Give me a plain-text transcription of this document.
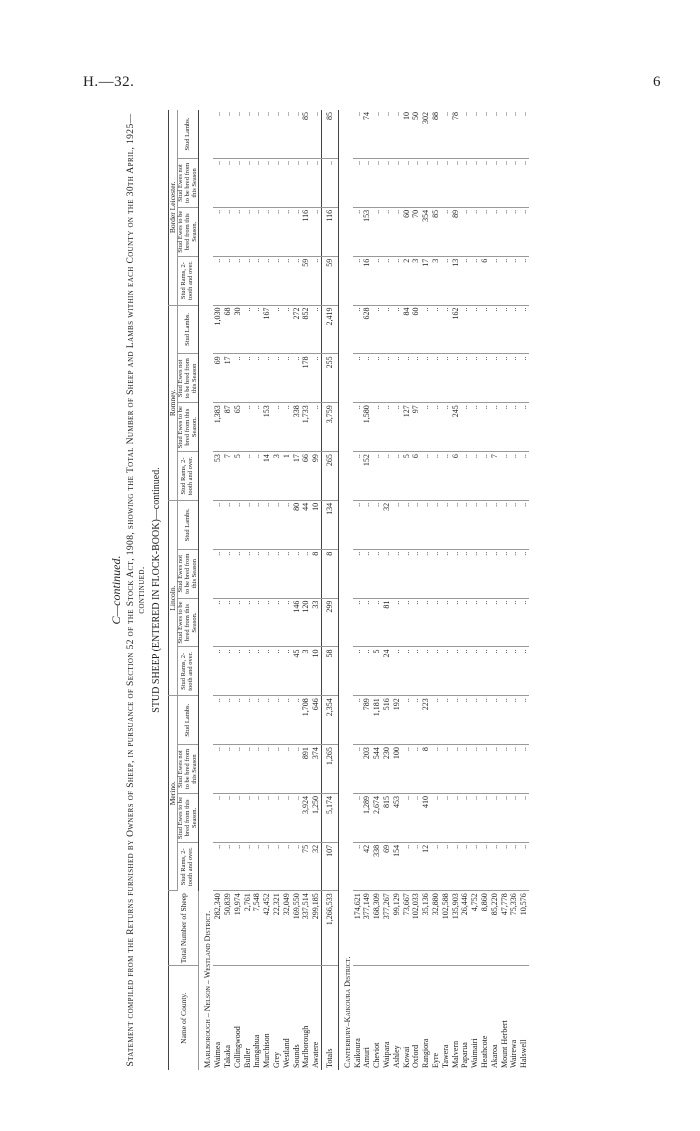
H.—32.	6
C—continued. Statement compiled from the Returns furnished by Owners of Sheep, in pursuance of Section 52 of the Stock Act, 1908, showing the Total Number of Sheep and Lambs within each County on the 30th April, 1925—continued. STUD SHEEP (ENTERED IN FLOCK-BOOK)—continued.
Name of County.	Total Number of Sheep	Merino.				Lincoln.				Romney.				Border Leicester.			
		Stud Rams, 2-tooth and over.	Stud Ewes to be bred from this Season.	Stud Ewes not to be bred from this Season	Stud Lambs.	Stud Rams, 2-tooth and over.	Stud Ewes to be bred from this Season.	Stud Ewes not to be bred from this Season	Stud Lambs.	Stud Rams, 2-tooth and over.	Stud Ewes to be bred from this Season.	Stud Ewes not to be bred from this Season	Stud Lambs.	Stud Rams, 2-tooth and over.	Stud Ewes to be bred from this Season.	Stud Ewes not to be bred from this Season	Stud Lambs.
Marlborough – Nelson – Westland District.																	
Waimea	282,340	..	..	..	..	..	..	..	..	53	1,383	69	1,030	..	..	..	..
Takaka	50,839	..	..	..	..	..	..	..	..	7	87	17	68	..	..	..	..
Collingwood	19,974	..	..	..	..	..	..	..	..	5	65	..	30	..	..	..	..
Buller	2,761	..	..	..	..	..	..	..	..	..	..	..	..	..	..	..	..
Inangahua	7,548	..	..	..	..	..	..	..	..	..	..	..	..	..	..	..	..
Murchison	42,452	..	..	..	..	..	..	..	..	14	153	..	167	..	..	..	..
Grey	22,321	..	..	..	..	..	..	..	..	3	..	..	..	..	..	..	..
Westland	32,049	..	..	..	..	..	..	..	..	1	..	..	..	..	..	..	..
Sounds	169,550	..	..	..	..	45	146	..	80	17	338	..	272	..	..	..	..
Marlborough	337,514	75	3,924	891	1,708	3	120	..	44	66	1,733	178	852	59	116	..	85
Awatere	299,185	32	1,250	374	646	10	33	8	10	99	..	..	..	..	..	..	..
Totals	1,266,533	107	5,174	1,265	2,354	58	299	8	134	265	3,759	255	2,419	59	116	..	85
Canterbury–Kaikoura District.																	
Kaikoura	174,621	..	..	..	..	..	..	..	..	..	..	..	..	..	..	..	..
Amuri	377,149	42	1,289	203	789	..	..	..	..	152	1,580	..	628	16	153	..	74
Cheviot	168,309	338	2,674	544	1,181	5	..	..	..	..	..	..	..	..	..	..	..
Waipara	377,267	69	815	230	516	24	81	..	32	..	..	..	..	..	..	..	..
Ashley	99,129	154	453	100	192	..	..	..	..	..	..	..	..	..	..	..	..
Kowai	73,667	..	..	..	..	..	..	..	..	5	127	..	84	2	60	..	10
Oxford	102,033	..	..	..	..	..	..	..	..	6	97	..	60	3	70	..	50
Rangiora	35,136	12	410	8	223	..	..	..	..	..	..	..	..	17	354	..	302
Eyre	32,880	..	..	..	..	..	..	..	..	..	..	..	..	3	85	..	88
Tawera	102,588	..	..	..	..	..	..	..	..	..	..	..	..	..	..	..	..
Malvern	135,903	..	..	..	..	..	..	..	..	6	245	..	162	13	89	..	78
Paparua	26,446	..	..	..	..	..	..	..	..	..	..	..	..	..	..	..	..
Waimairi	4,752	..	..	..	..	..	..	..	..	..	..	..	..	..	..	..	..
Heathcote	8,860	..	..	..	..	..	..	..	..	..	..	..	..	6	..	..	..
Akaroa	85,220	..	..	..	..	..	..	..	..	7	..	..	..	..	..	..	..
Mount Herbert	47,778	..	..	..	..	..	..	..	..	..	..	..	..	..	..	..	..
Wairewa	75,336	..	..	..	..	..	..	..	..	..	..	..	..	..	..	..	..
Halswell	10,576	..	..	..	..	..	..	..	..	..	..	..	..	..	..	..	..
